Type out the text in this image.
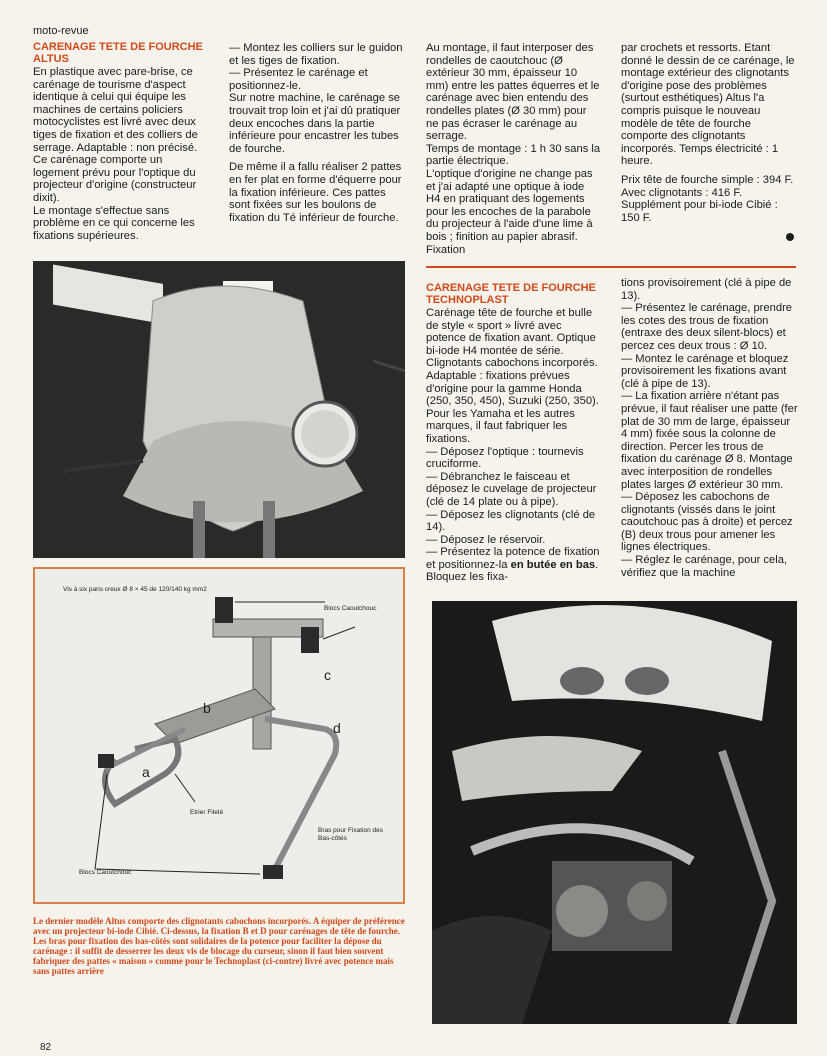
moto-revue
CARENAGE TETE DE FOURCHE ALTUS

En plastique avec pare-brise, ce carénage de tourisme d'aspect identique à celui qui équipe les machines de certains policiers motocyclistes est livré avec deux tiges de fixation et des colliers de serrage. Adaptable : non précisé. Ce carénage comporte un logement prévu pour l'optique du projecteur d'origine (constructeur dixit).

Le montage s'effectue sans problème en ce qui concerne les fixations supérieures.

— Montez les colliers sur le guidon et les tiges de fixation.

— Présentez le carénage et positionnez-le.

Sur notre machine, le carénage se trouvait trop loin et j'ai dû pratiquer deux encoches dans la partie inférieure pour encastrer les tubes de fourche.

De même il a fallu réaliser 2 pattes en fer plat en forme d'équerre pour la fixation inférieure. Ces pattes sont fixées sur les boulons de fixation du Té inférieur de fourche.

Au montage, il faut interposer des rondelles de caoutchouc (Ø extérieur 30 mm, épaisseur 10 mm) entre les pattes équerres et le carénage avec bien entendu des rondelles plates (Ø 30 mm) pour ne pas écraser le carénage au serrage.

Temps de montage : 1 h 30 sans la partie électrique.

L'optique d'origine ne change pas et j'ai adapté une optique à iode H4 en pratiquant des logements pour les encoches de la parabole du projecteur à l'aide d'une lime à bois ; finition au papier abrasif. Fixation

par crochets et ressorts. Etant donné le dessin de ce carénage, le montage extérieur des clignotants d'origine pose des problèmes (surtout esthétiques) Altus l'a compris puisque le nouveau modèle de tête de fourche comporte des clignotants incorporés. Temps électricité : 1 heure.

Prix tête de fourche simple : 394 F. Avec clignotants : 416 F. Supplément pour bi-iode Cibié : 150 F.

CARENAGE TETE DE FOURCHE TECHNOPLAST

Carénage tête de fourche et bulle de style « sport » livré avec potence de fixation avant. Optique bi-iode H4 montée de série. Clignotants cabochons incorporés.

Adaptable : fixations prévues d'origine pour la gamme Honda (250, 350, 450), Suzuki (250, 350). Pour les Yamaha et les autres marques, il faut fabriquer les fixations.

— Déposez l'optique : tournevis cruciforme.

— Débranchez le faisceau et déposez le cuvelage de projecteur (clé de 14 plate ou à pipe).

— Déposez les clignotants (clé de 14).

— Déposez le réservoir.

— Présentez la potence de fixation et positionnez-la en butée en bas. Bloquez les fixa-

tions provisoirement (clé à pipe de 13).

— Présentez le carénage, prendre les cotes des trous de fixation (entraxe des deux silent-blocs) et percez ces deux trous : Ø 10.

— Montez le carénage et bloquez provisoirement les fixations avant (clé à pipe de 13).

— La fixation arrière n'étant pas prévue, il faut réaliser une patte (fer plat de 30 mm de large, épaisseur 4 mm) fixée sous la colonne de direction. Percer les trous de fixation du carénage Ø 8. Montage avec interposition de rondelles plates larges Ø extérieur 30 mm.

— Déposez les cabochons de clignotants (vissés dans le joint caoutchouc pas à droite) et percez (B) deux trous pour amener les lignes électriques.

— Réglez le carénage, pour cela, vérifiez que la machine

Vis à six pans creux Ø 8 × 45 de 120/140 kg mm2
Blocs Caoutchouc
Blocs Caoutchouc
Etrier Fileté
Bras pour Fixation des Bas-côtés
c
b
a
d
Le dernier modèle Altus comporte des clignotants cabochons incorporés. A équiper de préférence avec un projecteur bi-iode Cibié. Ci-dessus, la fixation B et D pour carénages de tête de fourche. Les bras pour fixation des bas-côtés sont solidaires de la potence pour faciliter la dépose du carénage : il suffit de desserrer les deux vis de blocage du curseur, sinon il faut bien souvent fabriquer des pattes « maison » comme pour le Technoplast (ci-contre) livré avec potence mais sans pattes arrière
82
